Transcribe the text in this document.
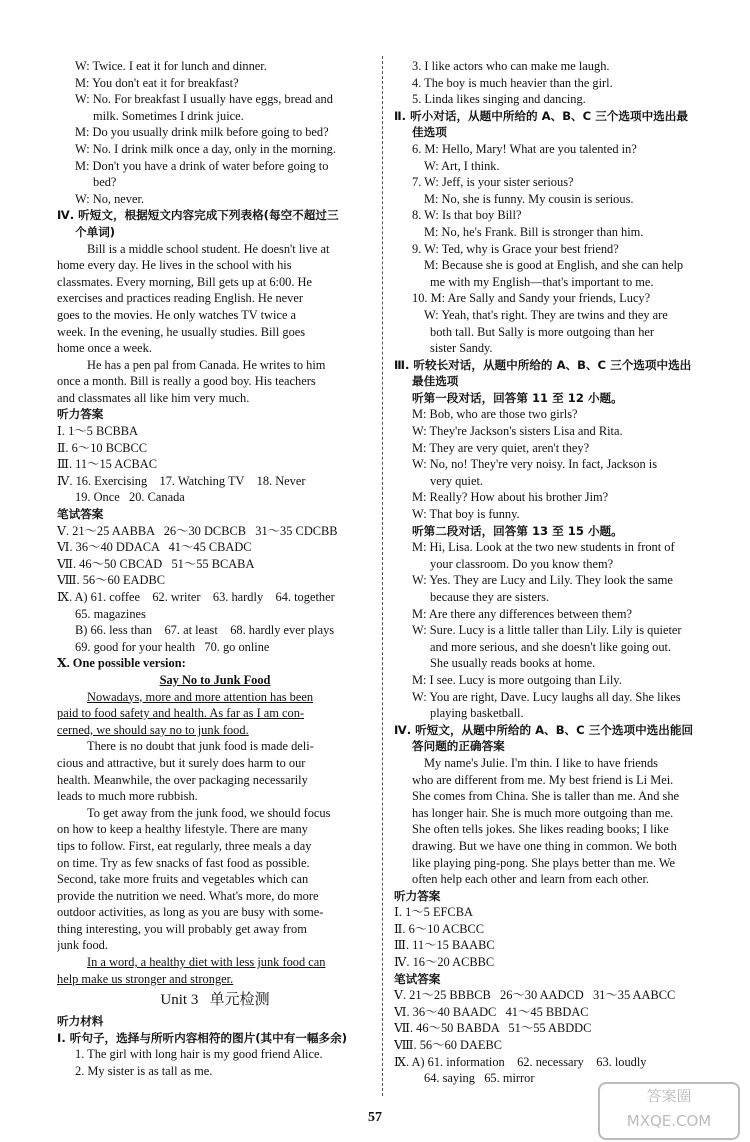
W: Twice. I eat it for lunch and dinner.
M: You don't eat it for breakfast?
W: No. For breakfast I usually have eggs, bread and
milk. Sometimes I drink juice.
M: Do you usually drink milk before going to bed?
W: No. I drink milk once a day, only in the morning.
M: Don't you have a drink of water before going to
bed?
W: No, never.
Ⅳ. 听短文，根据短文内容完成下列表格(每空不超过三
个单词)
Bill is a middle school student. He doesn't live at
home every day. He lives in the school with his
classmates. Every morning, Bill gets up at 6:00. He
exercises and practices reading English. He never
goes to the movies. He only watches TV twice a
week. In the evening, he usually studies. Bill goes
home once a week.
He has a pen pal from Canada. He writes to him
once a month. Bill is really a good boy. His teachers
and classmates all like him very much.
听力答案
Ⅰ. 1～5 BCBBA
Ⅱ. 6～10 BCBCC
Ⅲ. 11～15 ACBAC
Ⅳ. 16. Exercising    17. Watching TV    18. Never
19. Once   20. Canada
笔试答案
Ⅴ. 21～25 AABBA   26～30 DCBCB   31～35 CDCBB
Ⅵ. 36～40 DDACA   41～45 CBADC
Ⅶ. 46～50 CBCAD   51～55 BCABA
Ⅷ. 56～60 EADBC
Ⅸ. A) 61. coffee    62. writer    63. hardly    64. together
65. magazines
B) 66. less than    67. at least    68. hardly ever plays
69. good for your health   70. go online
Ⅹ. One possible version:
Say No to Junk Food
Nowadays, more and more attention has been
paid to food safety and health. As far as I am con-
cerned, we should say no to junk food.
There is no doubt that junk food is made deli-
cious and attractive, but it surely does harm to our
health. Meanwhile, the over packaging necessarily
leads to much more rubbish.
To get away from the junk food, we should focus
on how to keep a healthy lifestyle. There are many
tips to follow. First, eat regularly, three meals a day
on time. Try as few snacks of fast food as possible.
Second, take more fruits and vegetables which can
provide the nutrition we need. What's more, do more
outdoor activities, as long as you are busy with some-
thing interesting, you will probably get away from
junk food.
In a word, a healthy diet with less junk food can
help make us stronger and stronger.
Unit 3   单元检测
听力材料
Ⅰ. 听句子，选择与所听内容相符的图片(其中有一幅多余)
1. The girl with long hair is my good friend Alice.
2. My sister is as tall as me.
3. I like actors who can make me laugh.
4. The boy is much heavier than the girl.
5. Linda likes singing and dancing.
Ⅱ. 听小对话，从题中所给的 A、B、C 三个选项中选出最
佳选项
6. M: Hello, Mary! What are you talented in?
W: Art, I think.
7. W: Jeff, is your sister serious?
M: No, she is funny. My cousin is serious.
8. W: Is that boy Bill?
M: No, he's Frank. Bill is stronger than him.
9. W: Ted, why is Grace your best friend?
M: Because she is good at English, and she can help
me with my English—that's important to me.
10. M: Are Sally and Sandy your friends, Lucy?
W: Yeah, that's right. They are twins and they are
both tall. But Sally is more outgoing than her
sister Sandy.
Ⅲ. 听较长对话，从题中所给的 A、B、C 三个选项中选出
最佳选项
听第一段对话，回答第 11 至 12 小题。
M: Bob, who are those two girls?
W: They're Jackson's sisters Lisa and Rita.
M: They are very quiet, aren't they?
W: No, no! They're very noisy. In fact, Jackson is
very quiet.
M: Really? How about his brother Jim?
W: That boy is funny.
听第二段对话，回答第 13 至 15 小题。
M: Hi, Lisa. Look at the two new students in front of
your classroom. Do you know them?
W: Yes. They are Lucy and Lily. They look the same
because they are sisters.
M: Are there any differences between them?
W: Sure. Lucy is a little taller than Lily. Lily is quieter
and more serious, and she doesn't like going out.
She usually reads books at home.
M: I see. Lucy is more outgoing than Lily.
W: You are right, Dave. Lucy laughs all day. She likes
playing basketball.
Ⅳ. 听短文，从题中所给的 A、B、C 三个选项中选出能回
答问题的正确答案
My name's Julie. I'm thin. I like to have friends
who are different from me. My best friend is Li Mei.
She comes from China. She is taller than me. And she
has longer hair. She is much more outgoing than me.
She often tells jokes. She likes reading books; I like
drawing. But we have one thing in common. We both
like playing ping-pong. She plays better than me. We
often help each other and learn from each other.
听力答案
Ⅰ. 1～5 EFCBA
Ⅱ. 6～10 ACBCC
Ⅲ. 11～15 BAABC
Ⅳ. 16～20 ACBBC
笔试答案
Ⅴ. 21～25 BBBCB   26～30 AADCD   31～35 AABCC
Ⅵ. 36～40 BAADC   41～45 BBDAC
Ⅶ. 46～50 BABDA   51～55 ABDDC
Ⅷ. 56～60 DAEBC
Ⅸ. A) 61. information    62. necessary    63. loudly
64. saying   65. mirror
57
答案圈
MXQE.COM
